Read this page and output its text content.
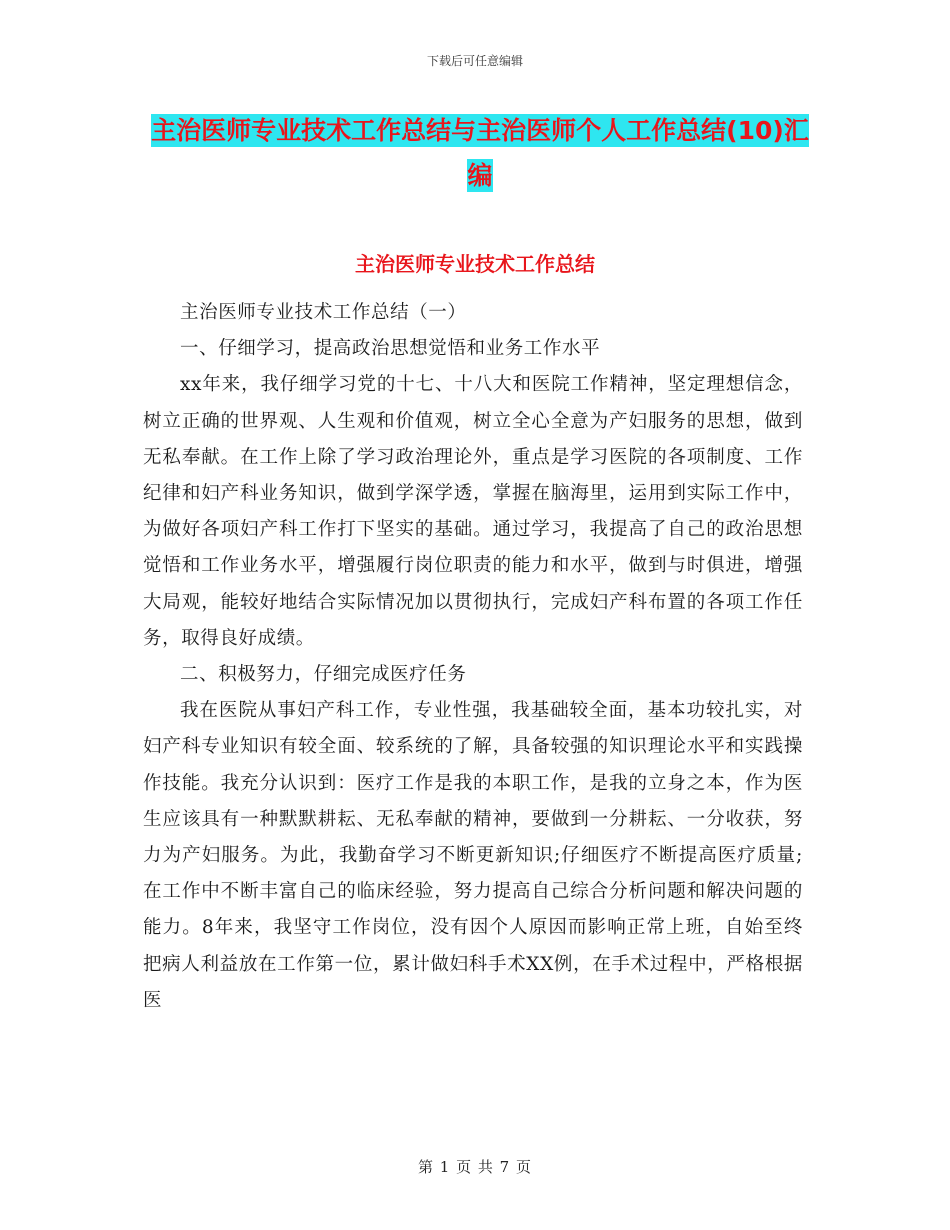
下载后可任意编辑
主治医师专业技术工作总结与主治医师个人工作总结(10)汇编
主治医师专业技术工作总结

主治医师专业技术工作总结（一）

一、仔细学习，提高政治思想觉悟和业务工作水平

xx年来，我仔细学习党的十七、十八大和医院工作精神，坚定理想信念，树立正确的世界观、人生观和价值观，树立全心全意为产妇服务的思想，做到无私奉献。在工作上除了学习政治理论外，重点是学习医院的各项制度、工作纪律和妇产科业务知识，做到学深学透，掌握在脑海里，运用到实际工作中，为做好各项妇产科工作打下坚实的基础。通过学习，我提高了自己的政治思想觉悟和工作业务水平，增强履行岗位职责的能力和水平，做到与时俱进，增强大局观，能较好地结合实际情况加以贯彻执行，完成妇产科布置的各项工作任务，取得良好成绩。

二、积极努力，仔细完成医疗任务

我在医院从事妇产科工作，专业性强，我基础较全面，基本功较扎实，对妇产科专业知识有较全面、较系统的了解，具备较强的知识理论水平和实践操作技能。我充分认识到：医疗工作是我的本职工作，是我的立身之本，作为医生应该具有一种默默耕耘、无私奉献的精神，要做到一分耕耘、一分收获，努力为产妇服务。为此，我勤奋学习不断更新知识;仔细医疗不断提高医疗质量;在工作中不断丰富自己的临床经验，努力提高自己综合分析问题和解决问题的能力。8年来，我坚守工作岗位，没有因个人原因而影响正常上班，自始至终把病人利益放在工作第一位，累计做妇科手术XX例，在手术过程中，严格根据医

第 1 页 共 7 页
